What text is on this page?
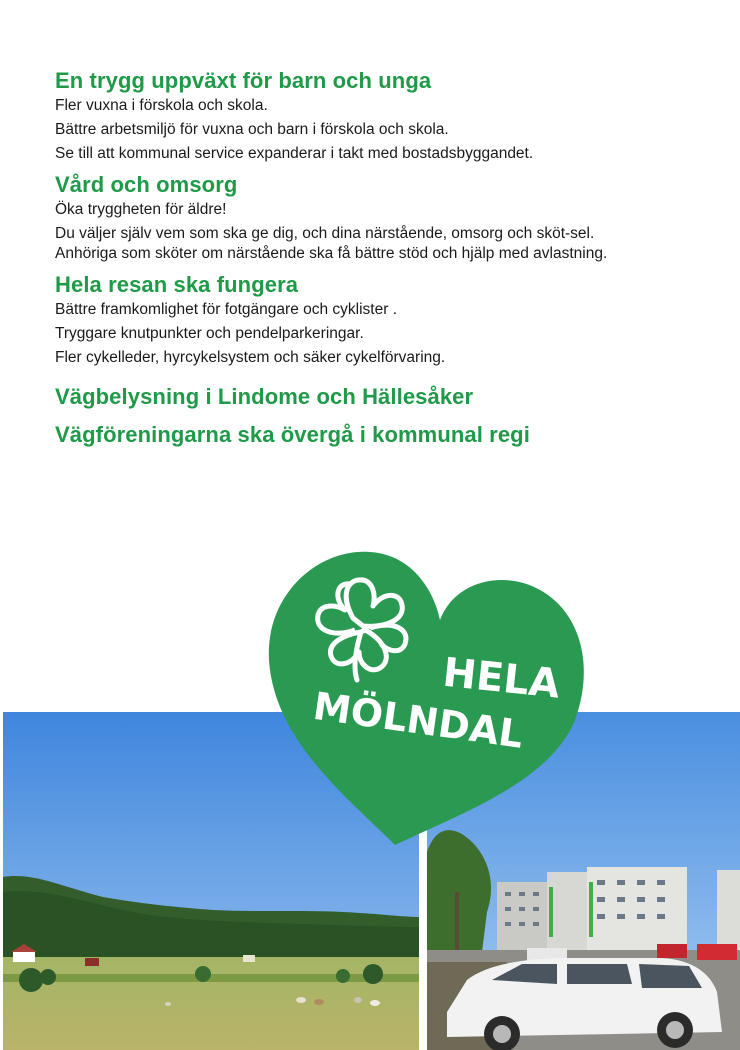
En trygg uppväxt för barn och unga

Fler vuxna i förskola och skola.

Bättre arbetsmiljö för vuxna och barn i förskola och skola.

Se till att kommunal service expanderar i takt med bostadsbyggandet.

Vård och omsorg

Öka tryggheten för äldre!

Du väljer själv vem som ska ge dig, och dina närstående, omsorg och sköt-sel. Anhöriga som sköter om närstående ska få bättre stöd och hjälp med avlastning.

Hela resan ska fungera

Bättre framkomlighet för fotgängare och cyklister .

Tryggare knutpunkter och pendelparkeringar.

Fler cykelleder, hyrcykelsystem och säker cykelförvaring.

Vägbelysning i Lindome och Hällesåker
Vägföreningarna ska övergå i kommunal regi
HELA
MÖLNDAL
